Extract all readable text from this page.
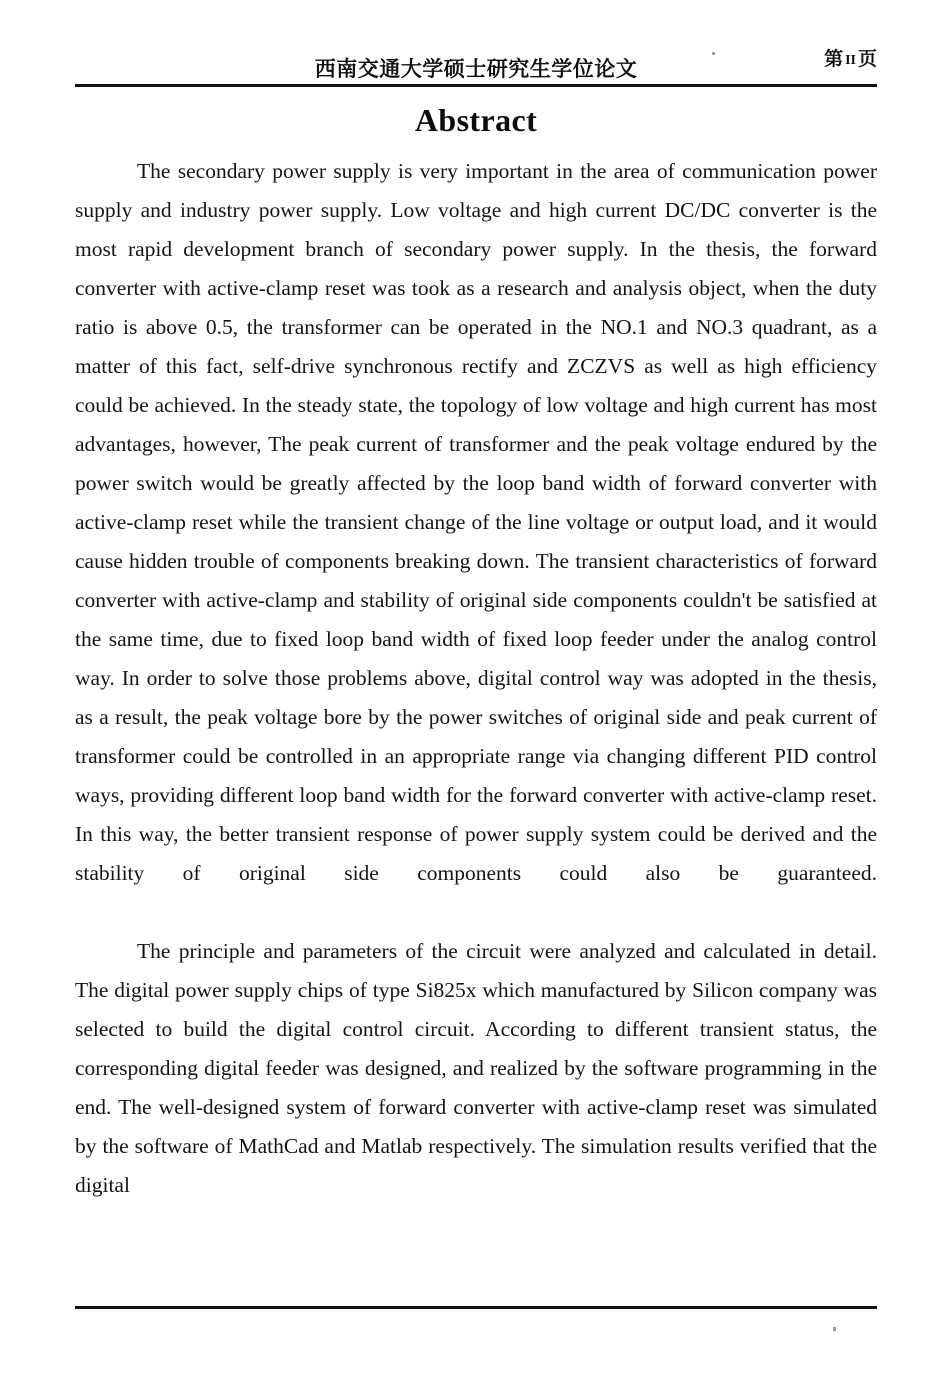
西南交通大学硕士研究生学位论文	第 II 页
Abstract

The secondary power supply is very important in the area of communication power supply and industry power supply. Low voltage and high current DC/DC converter is the most rapid development branch of secondary power supply. In the thesis, the forward converter with active-clamp reset was took as a research and analysis object, when the duty ratio is above 0.5, the transformer can be operated in the NO.1 and NO.3 quadrant, as a matter of this fact, self-drive synchronous rectify and ZCZVS as well as high efficiency could be achieved. In the steady state, the topology of low voltage and high current has most advantages, however, The peak current of transformer and the peak voltage endured by the power switch would be greatly affected by the loop band width of forward converter with active-clamp reset while the transient change of the line voltage or output load, and it would cause hidden trouble of components breaking down. The transient characteristics of forward converter with active-clamp and stability of original side components couldn't be satisfied at the same time, due to fixed loop band width of fixed loop feeder under the analog control way. In order to solve those problems above, digital control way was adopted in the thesis, as a result, the peak voltage bore by the power switches of original side and peak current of transformer could be controlled in an appropriate range via changing different PID control ways, providing different loop band width for the forward converter with active-clamp reset. In this way, the better transient response of power supply system could be derived and the stability of original side components could also be guaranteed.

The principle and parameters of the circuit were analyzed and calculated in detail. The digital power supply chips of type Si825x which manufactured by Silicon company was selected to build the digital control circuit. According to different transient status, the corresponding digital feeder was designed, and realized by the software programming in the end. The well-designed system of forward converter with active-clamp reset was simulated by the software of MathCad and Matlab respectively. The simulation results verified that the digital
